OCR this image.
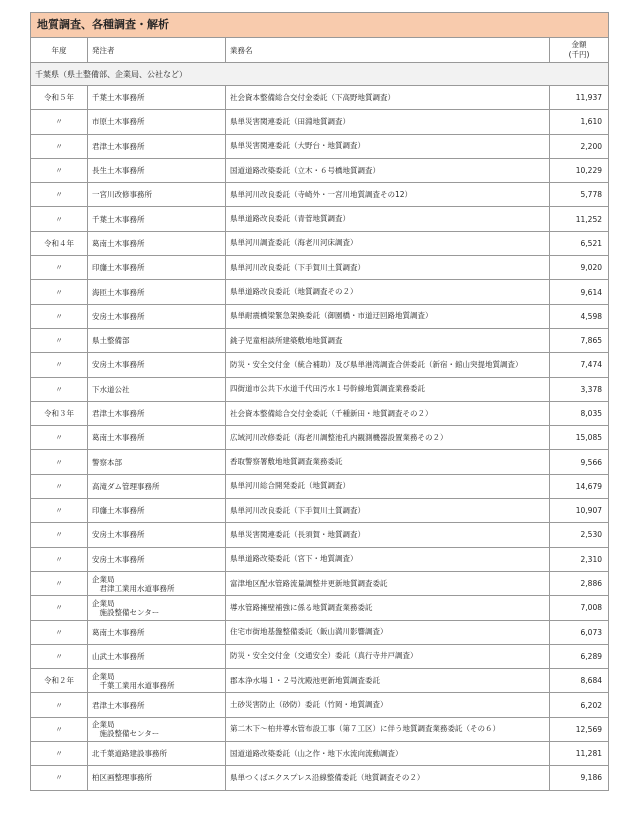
地質調査、各種調査・解析
年度	発注者	業務名	金額
(千円)
千葉県（県土整備部、企業局、公社など）			
令和５年	千葉土木事務所	社会資本整備総合交付金委託（下高野地質調査）	11,937
〃	市原土木事務所	県単災害関連委託（田淵地質調査）	1,610
〃	君津土木事務所	県単災害関連委託（大野台・地質調査）	2,200
〃	長生土木事務所	国道道路改築委託（立木・６号橋地質調査）	10,229
〃	一宮川改修事務所	県単河川改良委託（寺崎外・一宮川地質調査その12）	5,778
〃	千葉土木事務所	県単道路改良委託（青菅地質調査）	11,252
令和４年	葛南土木事務所	県単河川調査委託（海老川河床調査）	6,521
〃	印旛土木事務所	県単河川改良委託（下手賀川土質調査）	9,020
〃	海匝土木事務所	県単道路改良委託（地質調査その２）	9,614
〃	安房土木事務所	県単耐震橋梁緊急架換委託（御園橋・市道迂回路地質調査）	4,598
〃	県土整備部	銚子児童相談所建築敷地地質調査	7,865
〃	安房土木事務所	防災・安全交付金（統合補助）及び県単港湾調査合併委託（新宿・館山突提地質調査）	7,474
〃	下水道公社	四街道市公共下水道千代田汚水１号幹線地質調査業務委託	3,378
令和３年	君津土木事務所	社会資本整備総合交付金委託（千種新田・地質調査その２）	8,035
〃	葛南土木事務所	広域河川改修委託（海老川調整池孔内観測機器設置業務その２）	15,085
〃	警察本部	香取警察署敷地地質調査業務委託	9,566
〃	高滝ダム管理事務所	県単河川総合開発委託（地質調査）	14,679
〃	印旛土木事務所	県単河川改良委託（下手賀川土質調査）	10,907
〃	安房土木事務所	県単災害関連委託（長須賀・地質調査）	2,530
〃	安房土木事務所	県単道路改築委託（宮下・地質調査）	2,310
〃	企業局
　君津工業用水道事務所	富津地区配水管路流量調整井更新地質調査委託	2,886
〃	企業局
　施設整備センター	導水管路擁壁補強に係る地質調査業務委託	7,008
〃	葛南土木事務所	住宅市街地基盤整備委託（飯山満川影響調査）	6,073
〃	山武土木事務所	防災・安全交付金（交通安全）委託（真行寺井戸調査）	6,289
令和２年	企業局
　千葉工業用水道事務所	郡本浄水場１・２号沈殿池更新地質調査委託	8,684
〃	君津土木事務所	土砂災害防止（砂防）委託（竹岡・地質調査）	6,202
〃	企業局
　施設整備センター	第二木下～柏井導水管布設工事（第７工区）に伴う地質調査業務委託（その６）	12,569
〃	北千葉道路建設事務所	国道道路改築委託（山之作・地下水流向流動調査）	11,281
〃	柏区画整理事務所	県単つくばエクスプレス沿線整備委託（地質調査その２）	9,186
